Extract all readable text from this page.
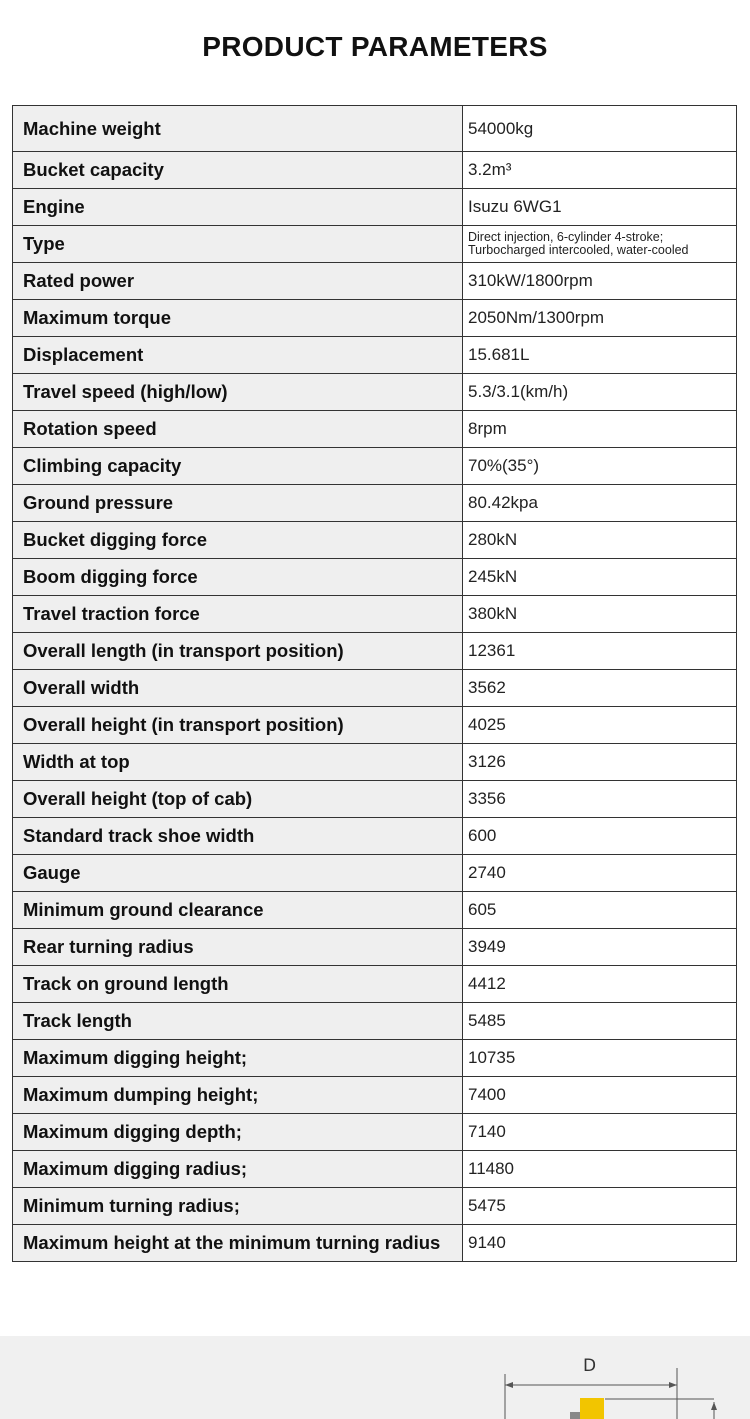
PRODUCT PARAMETERS
Machine weight	54000kg
Bucket capacity	3.2m³
Engine	Isuzu 6WG1
Type	Direct injection, 6-cylinder 4-stroke; Turbocharged intercooled, water-cooled
Rated power	310kW/1800rpm
Maximum torque	2050Nm/1300rpm
Displacement	15.681L
Travel speed (high/low)	5.3/3.1(km/h)
Rotation speed	8rpm
Climbing capacity	70%(35°)
Ground pressure	80.42kpa
Bucket digging force	280kN
Boom digging force	245kN
Travel traction force	380kN
Overall length (in transport position)	12361
Overall width	3562
Overall height (in transport position)	4025
Width at top	3126
Overall height (top of cab)	3356
Standard track shoe width	600
Gauge	2740
Minimum ground clearance	605
Rear turning radius	3949
Track on ground length	4412
Track length	5485
Maximum digging height;	10735
Maximum dumping height;	7400
Maximum digging depth;	7140
Maximum digging radius;	11480
Minimum turning radius;	5475
Maximum height at the minimum turning radius	9140
D
